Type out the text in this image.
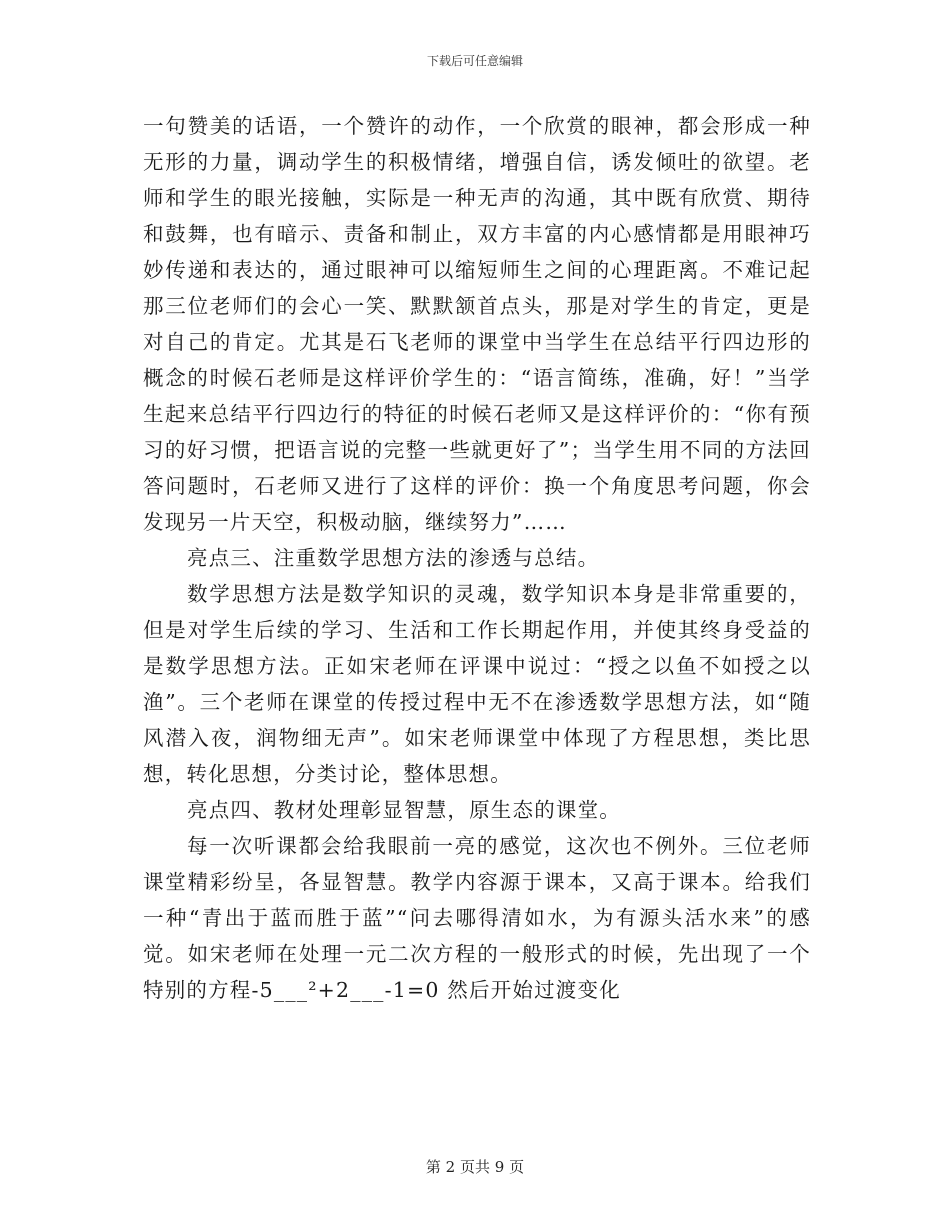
下载后可任意编辑

一句赞美的话语，一个赞许的动作，一个欣赏的眼神，都会形成一种无形的力量，调动学生的积极情绪，增强自信，诱发倾吐的欲望。老师和学生的眼光接触，实际是一种无声的沟通，其中既有欣赏、期待和鼓舞，也有暗示、责备和制止，双方丰富的内心感情都是用眼神巧妙传递和表达的，通过眼神可以缩短师生之间的心理距离。不难记起那三位老师们的会心一笑、默默颔首点头，那是对学生的肯定，更是对自己的肯定。尤其是石飞老师的课堂中当学生在总结平行四边形的概念的时候石老师是这样评价学生的：“语言简练，准确，好！”当学生起来总结平行四边行的特征的时候石老师又是这样评价的：“你有预习的好习惯，把语言说的完整一些就更好了”；当学生用不同的方法回答问题时，石老师又进行了这样的评价：换一个角度思考问题，你会发现另一片天空，积极动脑，继续努力”……

亮点三、注重数学思想方法的渗透与总结。

数学思想方法是数学知识的灵魂，数学知识本身是非常重要的，但是对学生后续的学习、生活和工作长期起作用，并使其终身受益的是数学思想方法。正如宋老师在评课中说过：“授之以鱼不如授之以渔”。三个老师在课堂的传授过程中无不在渗透数学思想方法，如“随风潜入夜，润物细无声”。如宋老师课堂中体现了方程思想，类比思想，转化思想，分类讨论，整体思想。

亮点四、教材处理彰显智慧，原生态的课堂。

每一次听课都会给我眼前一亮的感觉，这次也不例外。三位老师课堂精彩纷呈，各显智慧。教学内容源于课本，又高于课本。给我们一种“青出于蓝而胜于蓝”“问去哪得清如水，为有源头活水来”的感觉。如宋老师在处理一元二次方程的一般形式的时候，先出现了一个特别的方程-5___²+2___-1=0 然后开始过渡变化

第 2 页共 9 页
